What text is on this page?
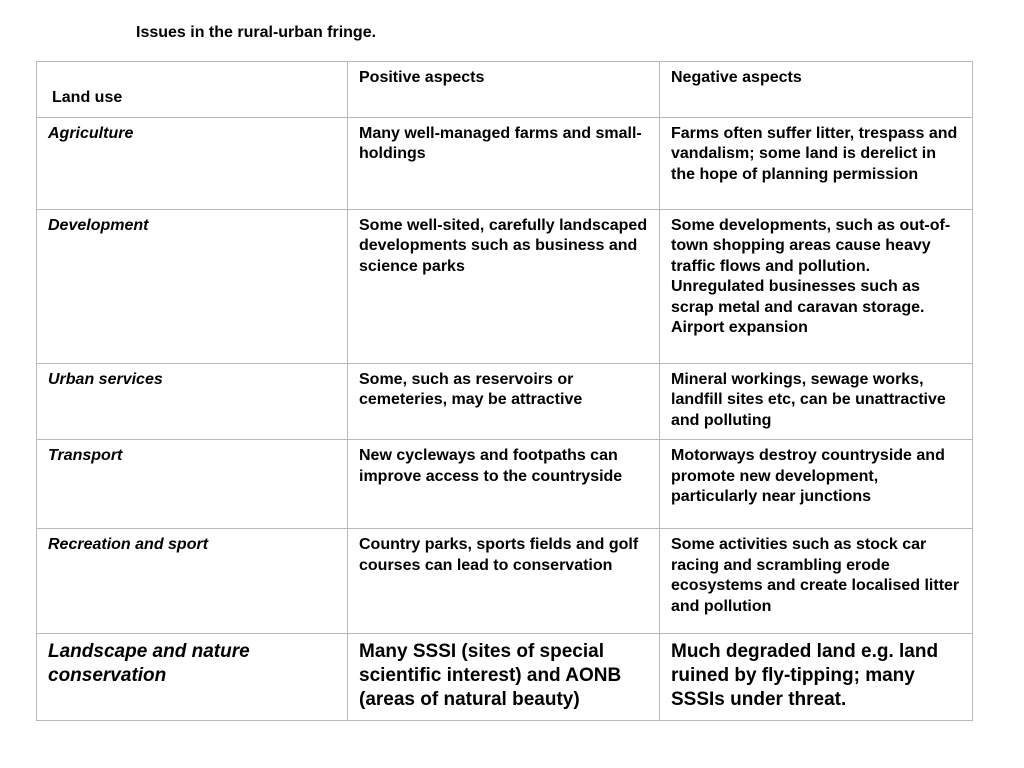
Issues in the rural-urban fringe.
Land use	Positive aspects	Negative aspects
Agriculture	Many well-managed farms and small-holdings	Farms often suffer litter, trespass and vandalism; some land is derelict in the hope of planning permission
Development	Some well-sited, carefully landscaped developments such as business and science parks	Some developments, such as out-of-town shopping areas cause heavy traffic flows and pollution. Unregulated businesses such as scrap metal and caravan storage. Airport expansion
Urban services	Some, such as reservoirs or cemeteries, may be attractive	Mineral workings, sewage works, landfill sites etc, can be unattractive and polluting
Transport	New cycleways and footpaths can improve access to the countryside	Motorways destroy countryside and promote new development, particularly near junctions
Recreation and sport	Country parks, sports fields and golf courses can lead to conservation	Some activities such as stock car racing and scrambling erode ecosystems and create localised litter and pollution
Landscape and nature conservation	Many SSSI (sites of special scientific interest) and AONB (areas of natural beauty)	Much degraded land e.g. land ruined by fly-tipping; many SSSIs under threat.
